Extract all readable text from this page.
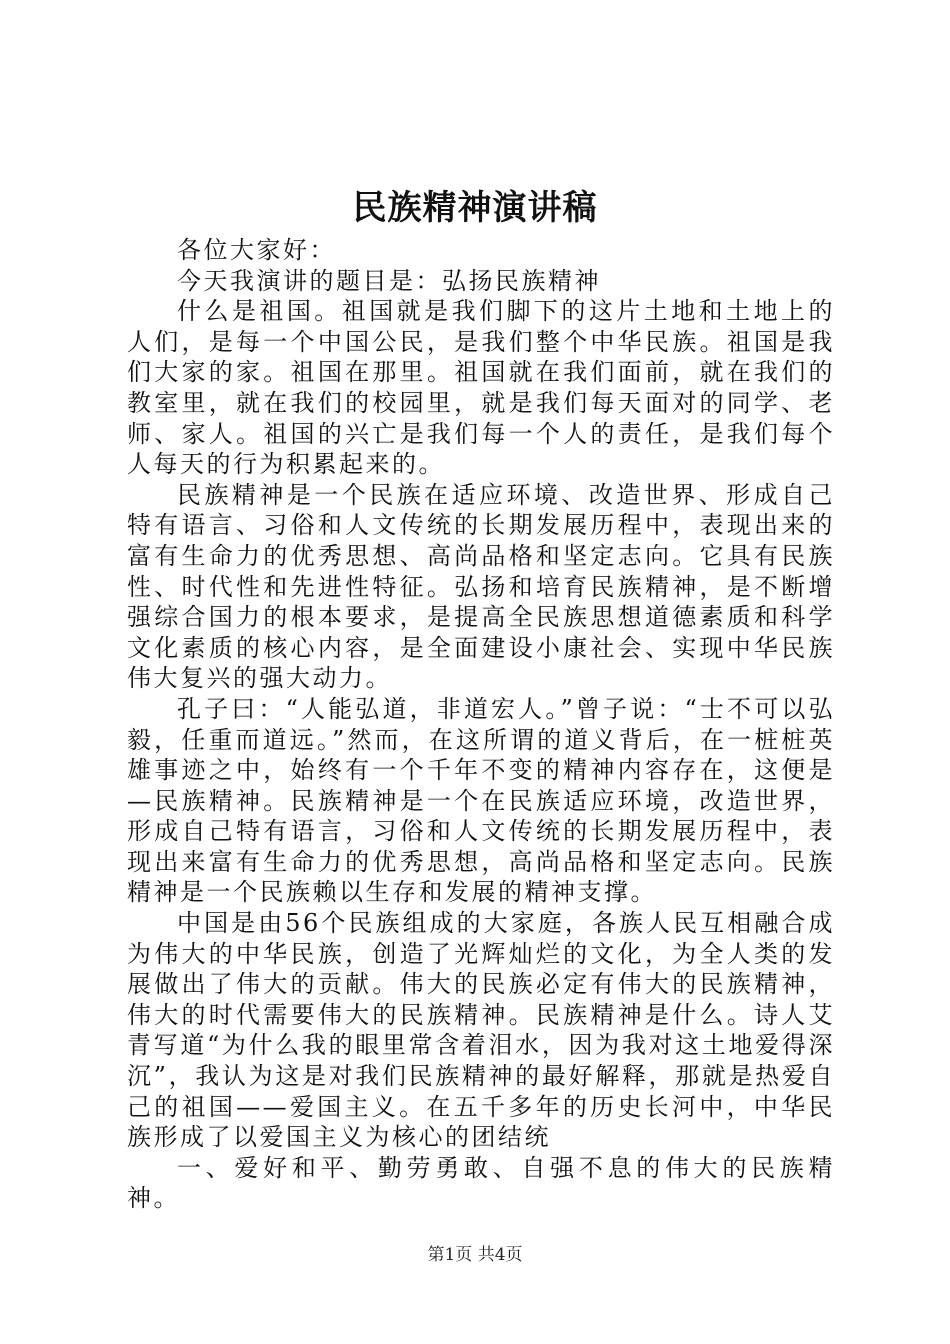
民族精神演讲稿

各位大家好：

今天我演讲的题目是：弘扬民族精神

什么是祖国。祖国就是我们脚下的这片土地和土地上的人们，是每一个中国公民，是我们整个中华民族。祖国是我们大家的家。祖国在那里。祖国就在我们面前，就在我们的教室里，就在我们的校园里，就是我们每天面对的同学、老师、家人。祖国的兴亡是我们每一个人的责任，是我们每个人每天的行为积累起来的。

民族精神是一个民族在适应环境、改造世界、形成自己特有语言、习俗和人文传统的长期发展历程中，表现出来的富有生命力的优秀思想、高尚品格和坚定志向。它具有民族性、时代性和先进性特征。弘扬和培育民族精神，是不断增强综合国力的根本要求，是提高全民族思想道德素质和科学文化素质的核心内容，是全面建设小康社会、实现中华民族伟大复兴的强大动力。

孔子曰：“人能弘道，非道宏人。”曾子说：“士不可以弘毅，任重而道远。”然而，在这所谓的道义背后，在一桩桩英雄事迹之中，始终有一个千年不变的精神内容存在，这便是—民族精神。民族精神是一个在民族适应环境，改造世界，形成自己特有语言，习俗和人文传统的长期发展历程中，表现出来富有生命力的优秀思想，高尚品格和坚定志向。民族精神是一个民族赖以生存和发展的精神支撑。

中国是由56个民族组成的大家庭，各族人民互相融合成为伟大的中华民族，创造了光辉灿烂的文化，为全人类的发展做出了伟大的贡献。伟大的民族必定有伟大的民族精神，伟大的时代需要伟大的民族精神。民族精神是什么。诗人艾青写道“为什么我的眼里常含着泪水，因为我对这土地爱得深沉”，我认为这是对我们民族精神的最好解释，那就是热爱自己的祖国——爱国主义。在五千多年的历史长河中，中华民族形成了以爱国主义为核心的团结统

一、爱好和平、勤劳勇敢、自强不息的伟大的民族精神。

第1页 共4页
